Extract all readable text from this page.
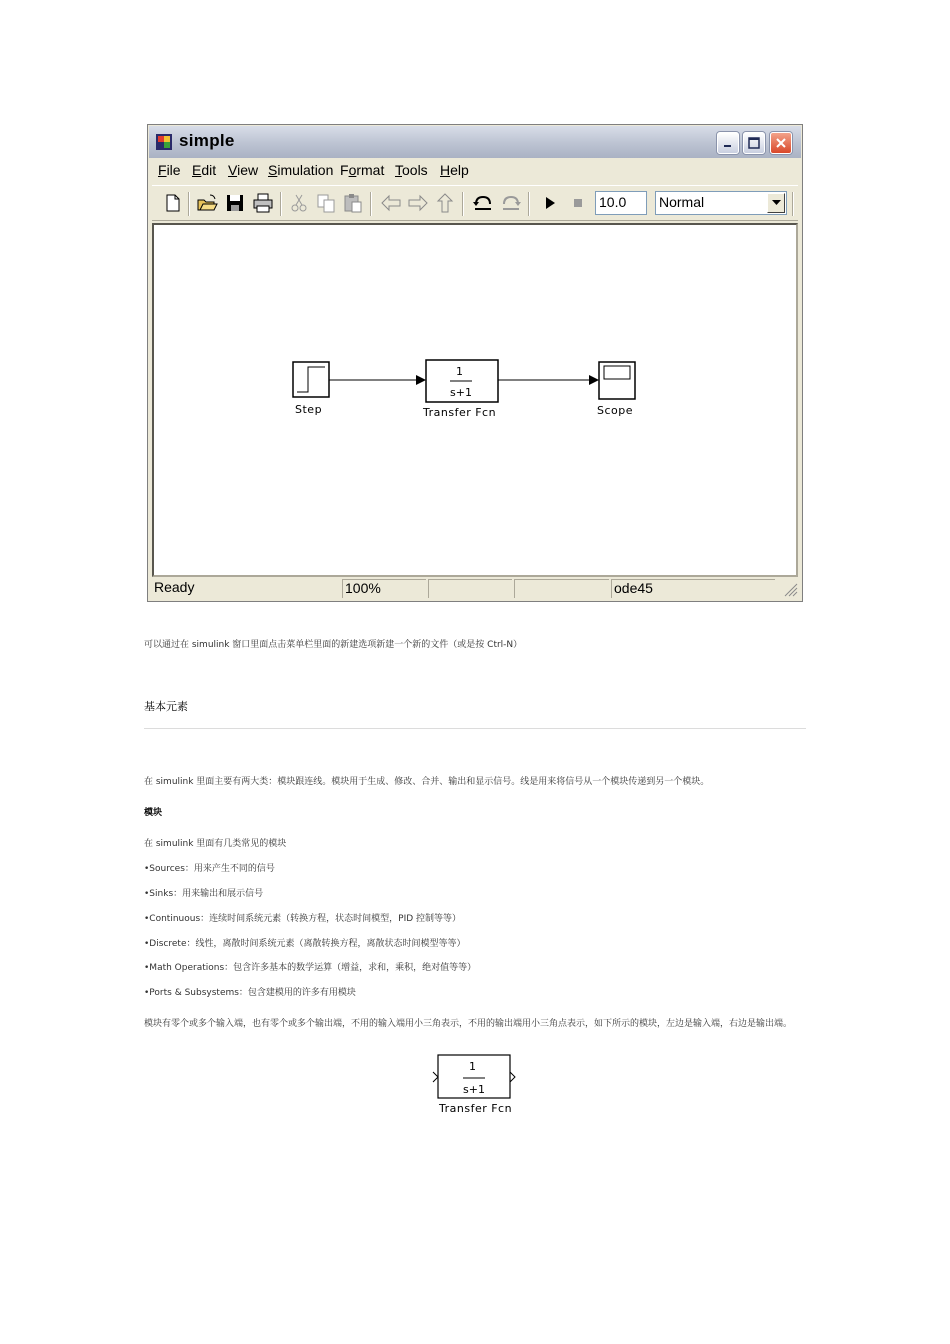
simple
File Edit View Simulation Format Tools Help
10.0	Normal
1
s+1
Step	Transfer Fcn	Scope
Ready	100%	ode45
可以通过在 simulink 窗口里面点击菜单栏里面的新建选项新建一个新的文件（或是按 Ctrl-N）
基本元素
在 simulink 里面主要有两大类：模块跟连线。模块用于生成、修改、合并、输出和显示信号。线是用来将信号从一个模块传递到另一个模块。
模块
在 simulink 里面有几类常见的模块
•Sources：用来产生不同的信号
•Sinks：用来输出和展示信号
•Continuous：连续时间系统元素（转换方程，状态时间模型，PID 控制等等）
•Discrete：线性，离散时间系统元素（离散转换方程，离散状态时间模型等等）
•Math Operations：包含许多基本的数学运算（增益，求和，乘积，绝对值等等）
•Ports & Subsystems：包含建模用的许多有用模块
模块有零个或多个输入端，也有零个或多个输出端，不用的输入端用小三角表示，不用的输出端用小三角点表示，如下所示的模块，左边是输入端，右边是输出端。
1
s+1
Transfer Fcn
